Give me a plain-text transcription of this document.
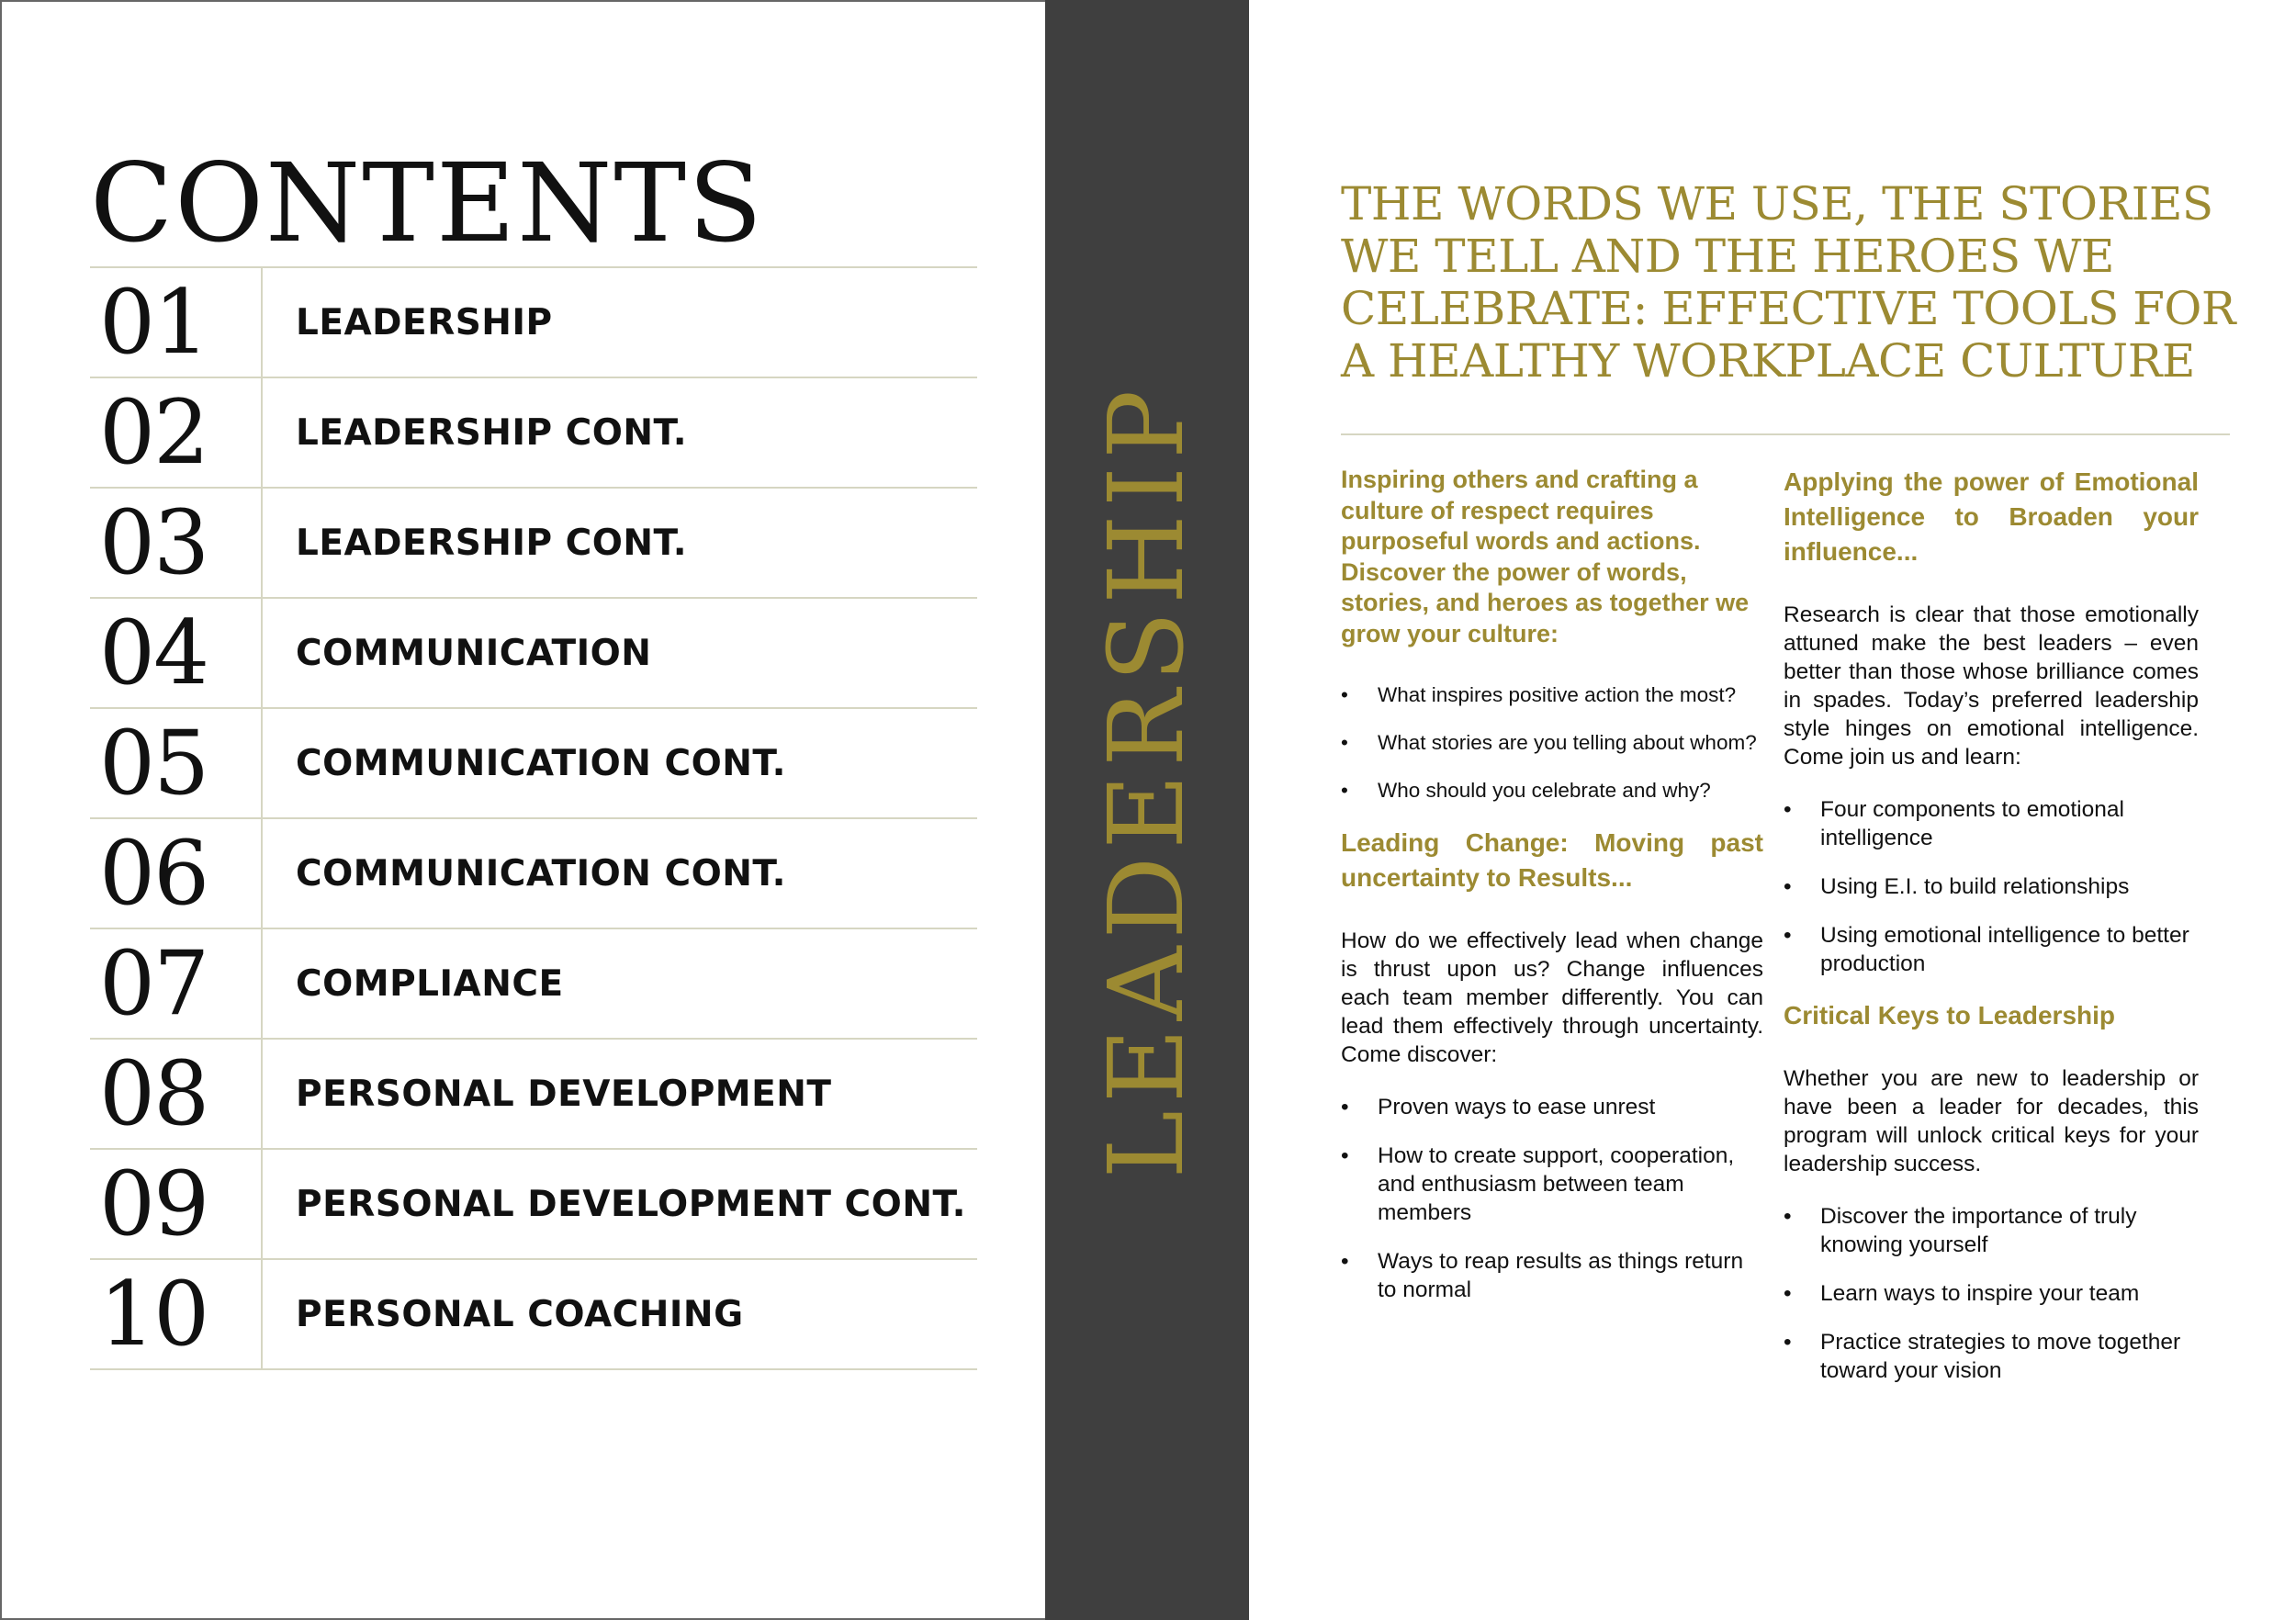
CONTENTS
01	LEADERSHIP
02	LEADERSHIP CONT.
03	LEADERSHIP CONT.
04	COMMUNICATION
05	COMMUNICATION CONT.
06	COMMUNICATION CONT.
07	COMPLIANCE
08	PERSONAL DEVELOPMENT
09	PERSONAL DEVELOPMENT CONT.
10	PERSONAL COACHING
LEADERSHIP
THE WORDS WE USE, THE STORIES WE TELL AND THE HEROES WE CELEBRATE: EFFECTIVE TOOLS FOR A HEALTHY WORKPLACE CULTURE

Inspiring others and crafting a culture of respect requires purposeful words and actions. Discover the power of words, stories, and heroes as together we grow your culture:

• What inspires positive action the most?
• What stories are you telling about whom?
• Who should you celebrate and why?

Leading Change: Moving past uncertainty to Results...

How do we effectively lead when change is thrust upon us? Change influences each team member differently. You can lead them effectively through uncertainty. Come discover:

• Proven ways to ease unrest
• How to create support, cooperation, and enthusiasm between team members
• Ways to reap results as things return to normal

Applying the power of Emotional Intelligence to Broaden your influence...

Research is clear that those emotionally attuned make the best leaders – even better than those whose brilliance comes in spades. Today’s preferred leadership style hinges on emotional intelligence. Come join us and learn:

• Four components to emotional intelligence
• Using E.I. to build relationships
• Using emotional intelligence to better production

Critical Keys to Leadership

Whether you are new to leadership or have been a leader for decades, this program will unlock critical keys for your leadership success.

• Discover the importance of truly knowing yourself
• Learn ways to inspire your team
• Practice strategies to move together toward your vision
